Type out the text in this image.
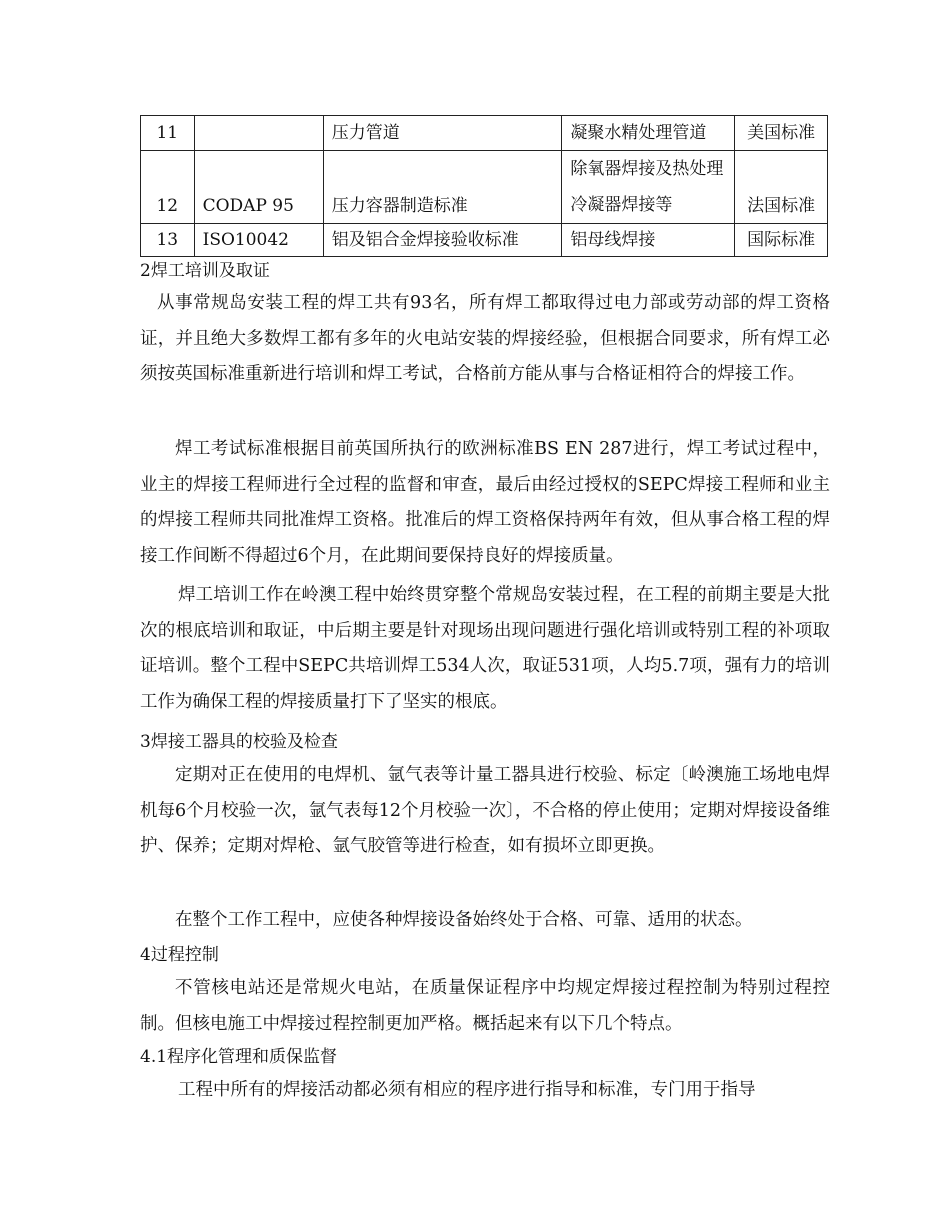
11		压力管道	凝聚水精处理管道	美国标准
12	CODAP 95	压力容器制造标准	除氧器焊接及热处理冷凝器焊接等	法国标准
13	ISO10042	铝及铝合金焊接验收标准	铝母线焊接	国际标准

2焊工培训及取证

从事常规岛安装工程的焊工共有93名，所有焊工都取得过电力部或劳动部的焊工资格证，并且绝大多数焊工都有多年的火电站安装的焊接经验，但根据合同要求，所有焊工必须按英国标准重新进行培训和焊工考试，合格前方能从事与合格证相符合的焊接工作。

焊工考试标准根据目前英国所执行的欧洲标准BS EN 287进行，焊工考试过程中，业主的焊接工程师进行全过程的监督和审查，最后由经过授权的SEPC焊接工程师和业主的焊接工程师共同批准焊工资格。批准后的焊工资格保持两年有效，但从事合格工程的焊接工作间断不得超过6个月，在此期间要保持良好的焊接质量。

焊工培训工作在岭澳工程中始终贯穿整个常规岛安装过程，在工程的前期主要是大批次的根底培训和取证，中后期主要是针对现场出现问题进行强化培训或特别工程的补项取证培训。整个工程中SEPC共培训焊工534人次，取证531项，人均5.7项，强有力的培训工作为确保工程的焊接质量打下了坚实的根底。

3焊接工器具的校验及检查

定期对正在使用的电焊机、氩气表等计量工器具进行校验、标定〔岭澳施工场地电焊机每6个月校验一次，氩气表每12个月校验一次〕，不合格的停止使用；定期对焊接设备维护、保养；定期对焊枪、氩气胶管等进行检查，如有损坏立即更换。

在整个工作工程中，应使各种焊接设备始终处于合格、可靠、适用的状态。

4过程控制

不管核电站还是常规火电站，在质量保证程序中均规定焊接过程控制为特别过程控制。但核电施工中焊接过程控制更加严格。概括起来有以下几个特点。

4.1程序化管理和质保监督

工程中所有的焊接活动都必须有相应的程序进行指导和标准，专门用于指导
